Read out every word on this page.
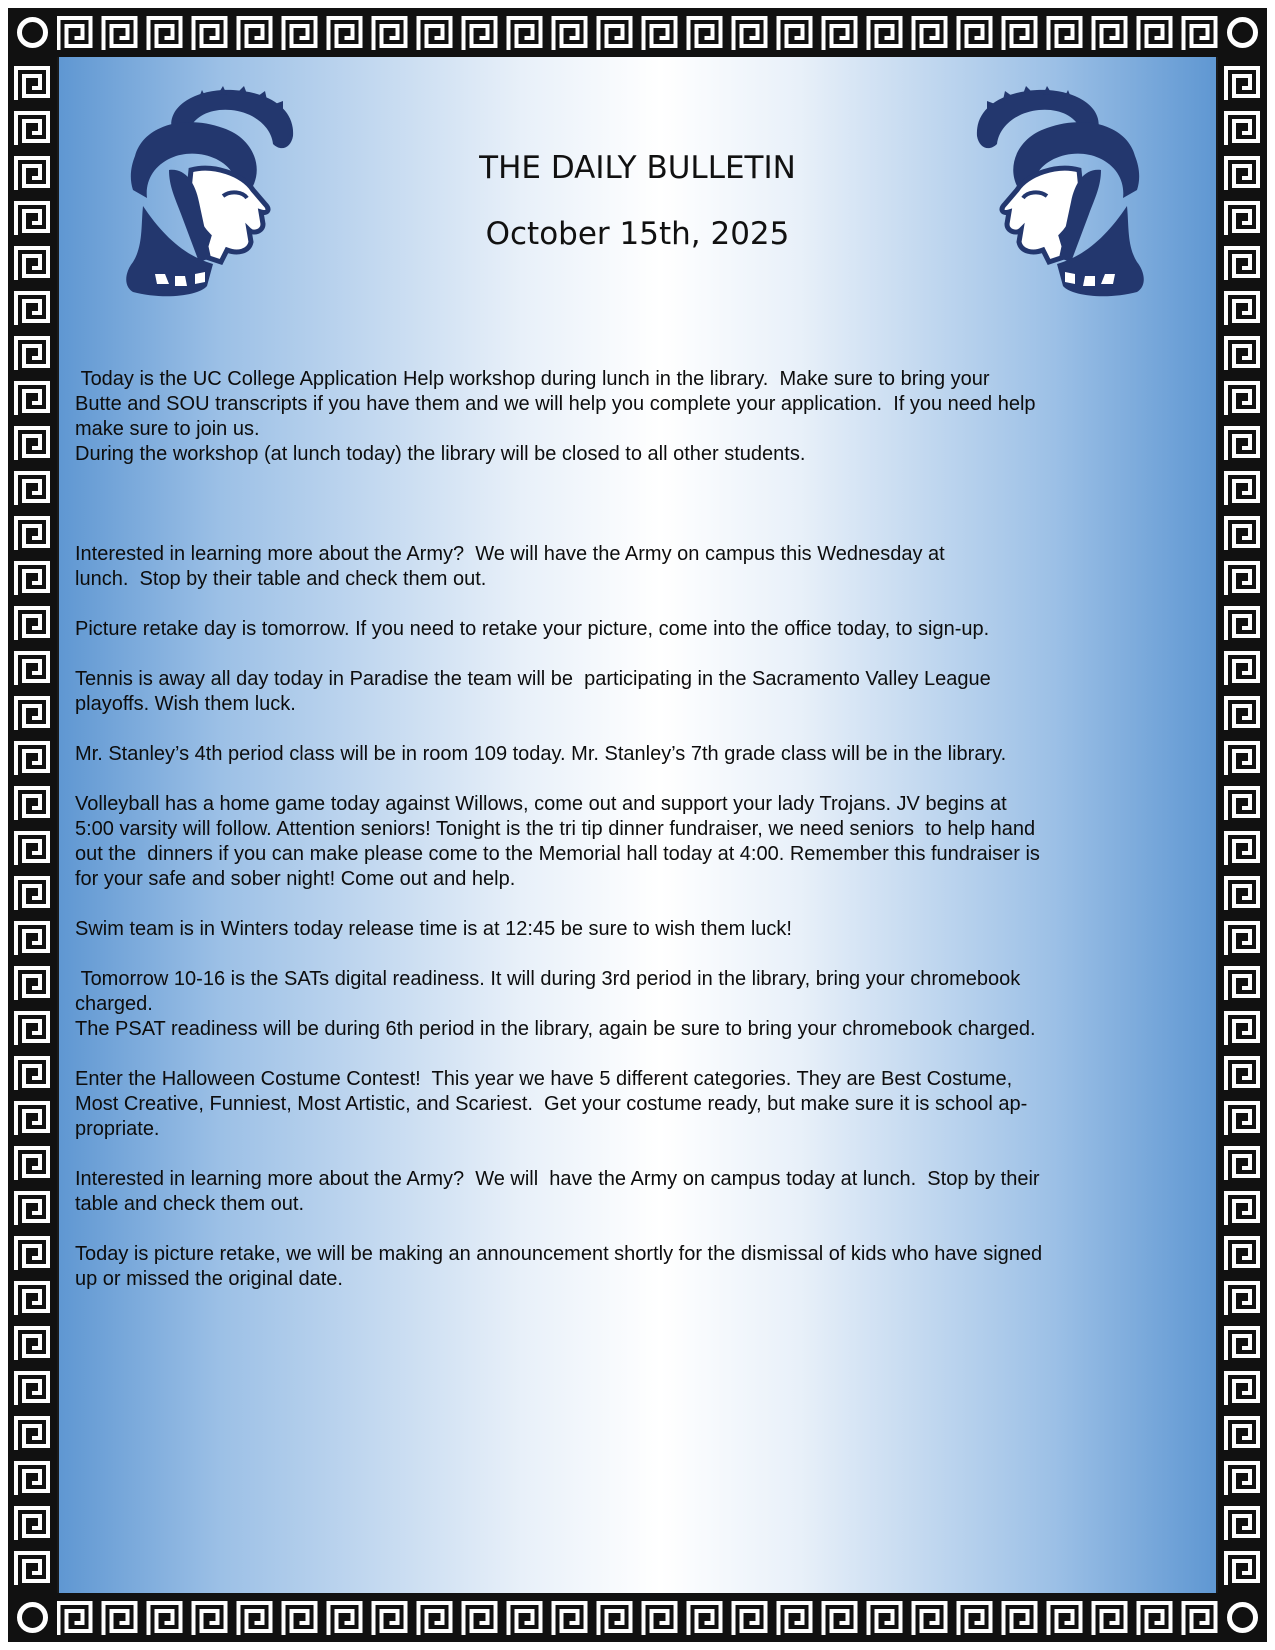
THE DAILY BULLETIN
October 15th, 2025

Today is the UC College Application Help workshop during lunch in the library.  Make sure to bring your

Butte and SOU transcripts if you have them and we will help you complete your application.  If you need help

make sure to join us.

During the workshop (at lunch today) the library will be closed to all other students.

Interested in learning more about the Army?  We will have the Army on campus this Wednesday at

lunch.  Stop by their table and check them out.

Picture retake day is tomorrow. If you need to retake your picture, come into the office today, to sign-up.

Tennis is away all day today in Paradise the team will be  participating in the Sacramento Valley League

playoffs. Wish them luck.

Mr. Stanley’s 4th period class will be in room 109 today. Mr. Stanley’s 7th grade class will be in the library.

Volleyball has a home game today against Willows, come out and support your lady Trojans. JV begins at

5:00 varsity will follow. Attention seniors! Tonight is the tri tip dinner fundraiser, we need seniors  to help hand

out the  dinners if you can make please come to the Memorial hall today at 4:00. Remember this fundraiser is

for your safe and sober night! Come out and help.

Swim team is in Winters today release time is at 12:45 be sure to wish them luck!

Tomorrow 10-16 is the SATs digital readiness. It will during 3rd period in the library, bring your chromebook

charged.

The PSAT readiness will be during 6th period in the library, again be sure to bring your chromebook charged.

Enter the Halloween Costume Contest!  This year we have 5 different categories. They are Best Costume,

Most Creative, Funniest, Most Artistic, and Scariest.  Get your costume ready, but make sure it is school ap-

propriate.

Interested in learning more about the Army?  We will  have the Army on campus today at lunch.  Stop by their

table and check them out.

Today is picture retake, we will be making an announcement shortly for the dismissal of kids who have signed

up or missed the original date.
